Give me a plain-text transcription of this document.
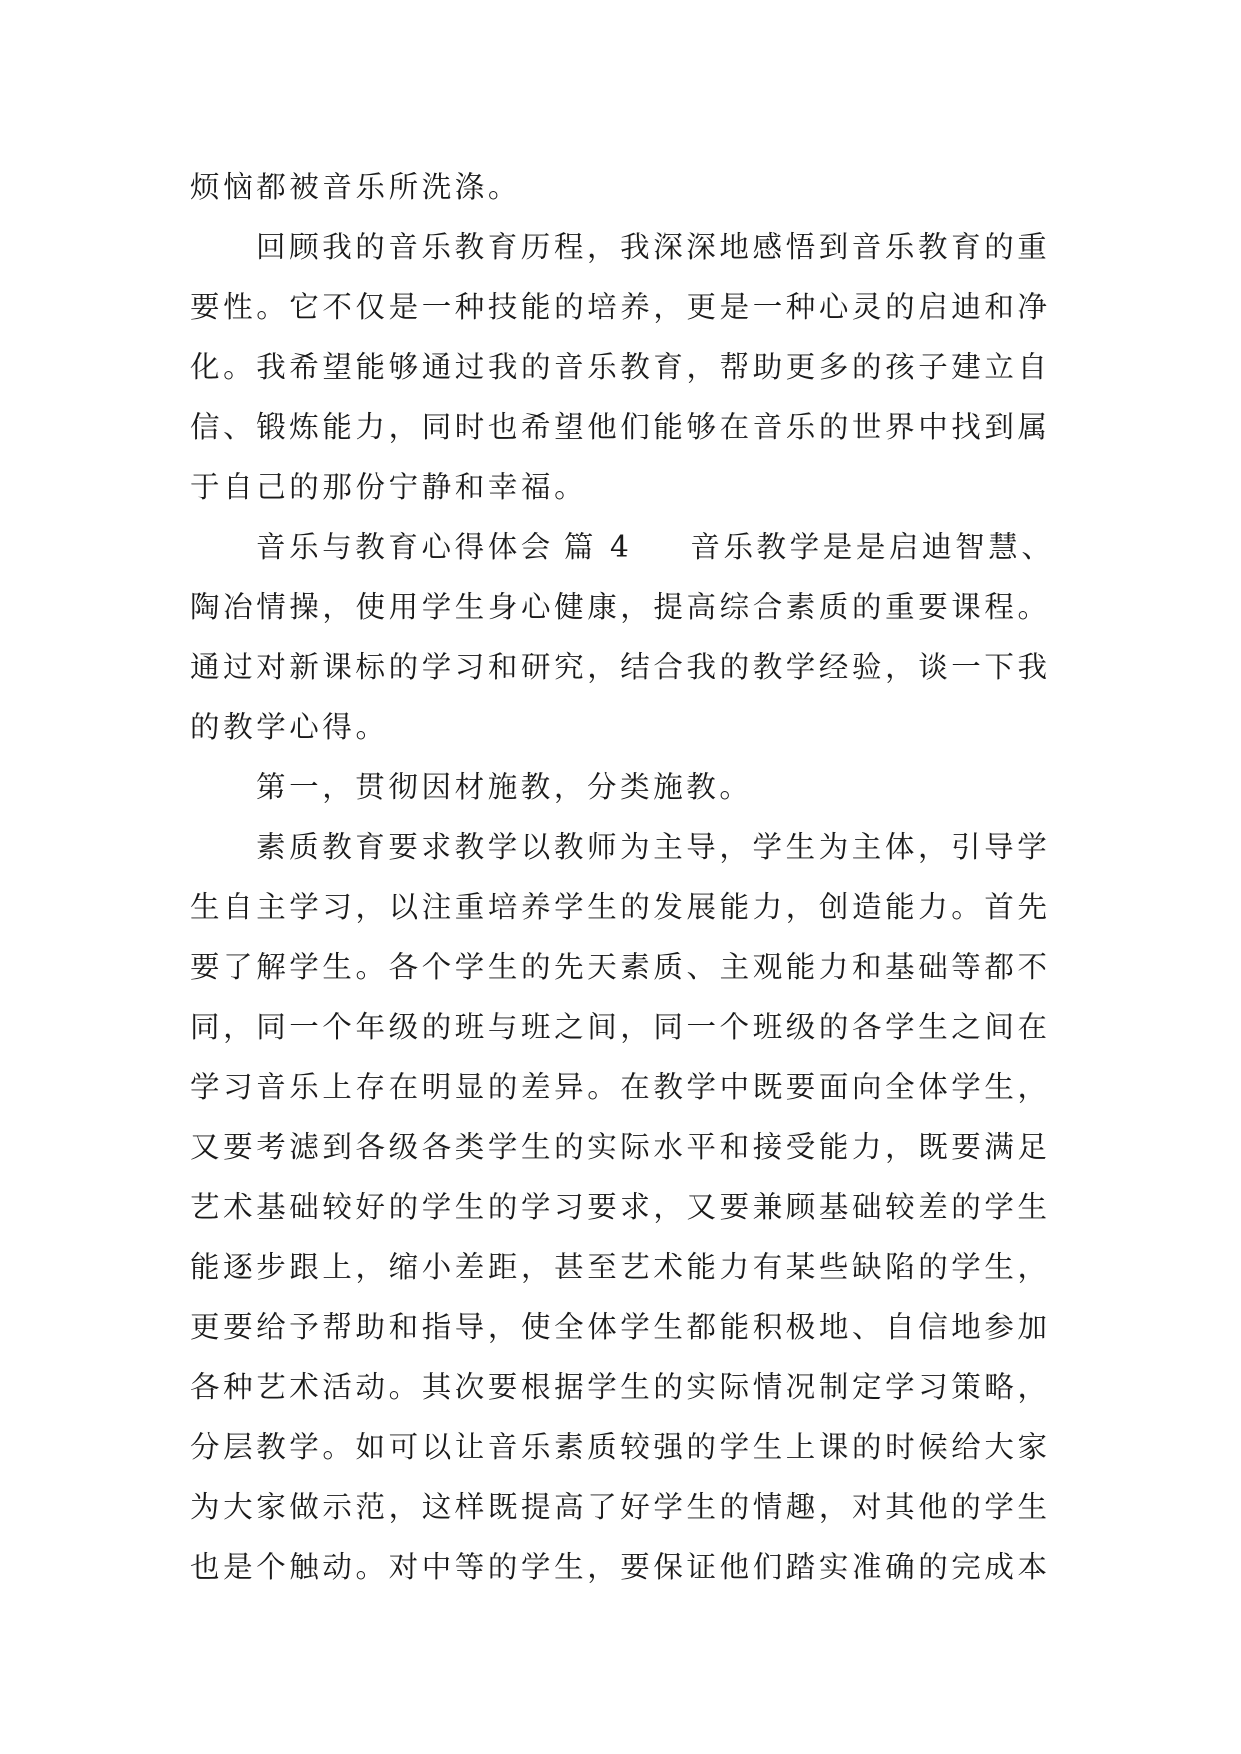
烦恼都被音乐所洗涤。
回顾我的音乐教育历程，我深深地感悟到音乐教育的重
要性。它不仅是一种技能的培养，更是一种心灵的启迪和净
化。我希望能够通过我的音乐教育，帮助更多的孩子建立自
信、锻炼能力，同时也希望他们能够在音乐的世界中找到属
于自己的那份宁静和幸福。
音乐与教育心得体会 篇 4 音乐教学是是启迪智慧、
陶冶情操，使用学生身心健康，提高综合素质的重要课程。
通过对新课标的学习和研究，结合我的教学经验，谈一下我
的教学心得。
第一，贯彻因材施教，分类施教。
素质教育要求教学以教师为主导，学生为主体，引导学
生自主学习，以注重培养学生的发展能力，创造能力。首先
要了解学生。各个学生的先天素质、主观能力和基础等都不
同，同一个年级的班与班之间，同一个班级的各学生之间在
学习音乐上存在明显的差异。在教学中既要面向全体学生，
又要考滤到各级各类学生的实际水平和接受能力，既要满足
艺术基础较好的学生的学习要求，又要兼顾基础较差的学生
能逐步跟上，缩小差距，甚至艺术能力有某些缺陷的学生，
更要给予帮助和指导，使全体学生都能积极地、自信地参加
各种艺术活动。其次要根据学生的实际情况制定学习策略，
分层教学。如可以让音乐素质较强的学生上课的时候给大家
为大家做示范，这样既提高了好学生的情趣，对其他的学生
也是个触动。对中等的学生，要保证他们踏实准确的完成本
